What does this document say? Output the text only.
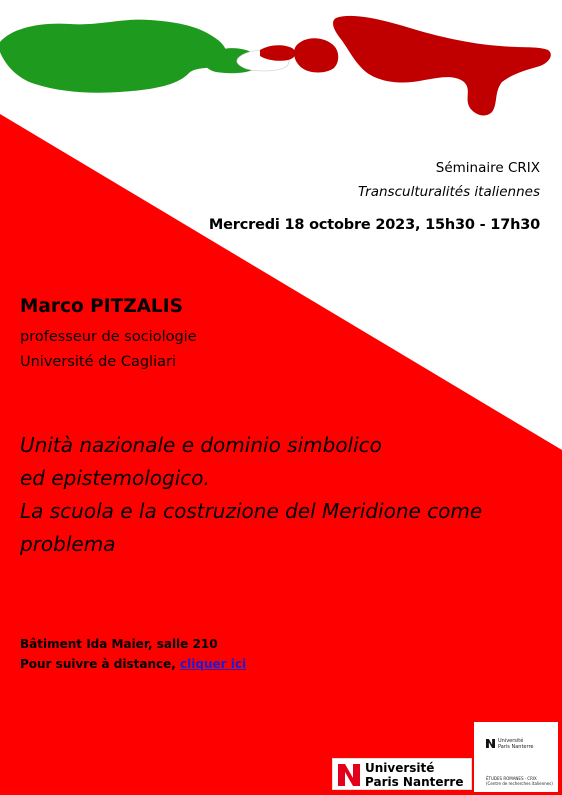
Séminaire CRIX

Transculturalités italiennes

Mercredi 18 octobre 2023, 15h30 - 17h30

Marco PITZALIS

professeur de sociologie

Université de Cagliari

Unità nazionale e dominio simbolico
ed epistemologico.
La scuola e la costruzione del Meridione come
problema

Bâtiment Ida Maier, salle 210

Pour suivre à distance, cliquer ici

Université
Paris Nanterre
Université
Paris Nanterre
ÉTUDES ROMANES · CRIX
(Centre de recherches italiennes)
